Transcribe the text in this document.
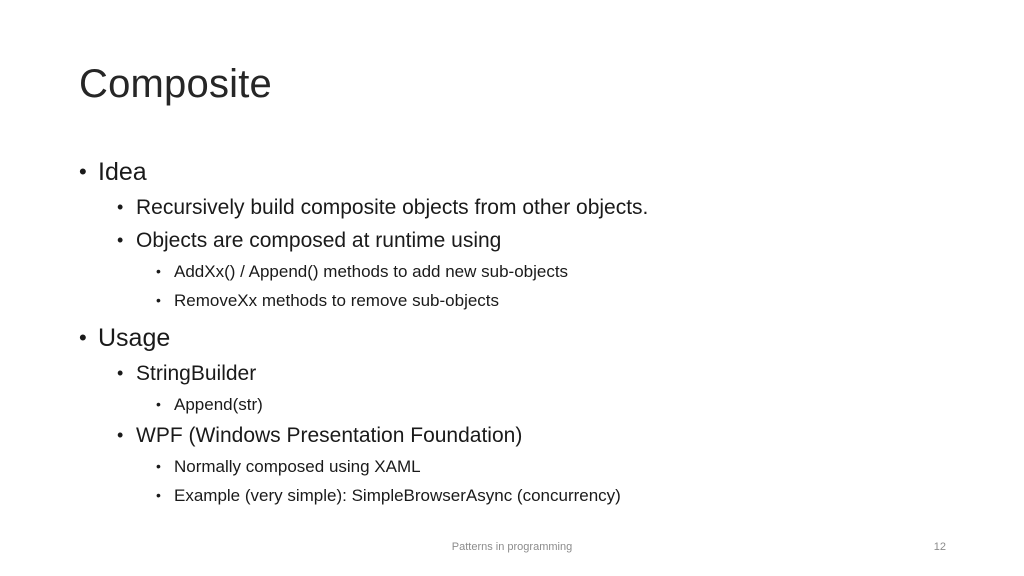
Composite
• Idea
• Recursively build composite objects from other objects.
• Objects are composed at runtime using
• AddXx() / Append() methods to add new sub-objects
• RemoveXx methods to remove sub-objects
• Usage
• StringBuilder
• Append(str)
• WPF (Windows Presentation Foundation)
• Normally composed using XAML
• Example (very simple): SimpleBrowserAsync (concurrency)
Patterns in programming	12
